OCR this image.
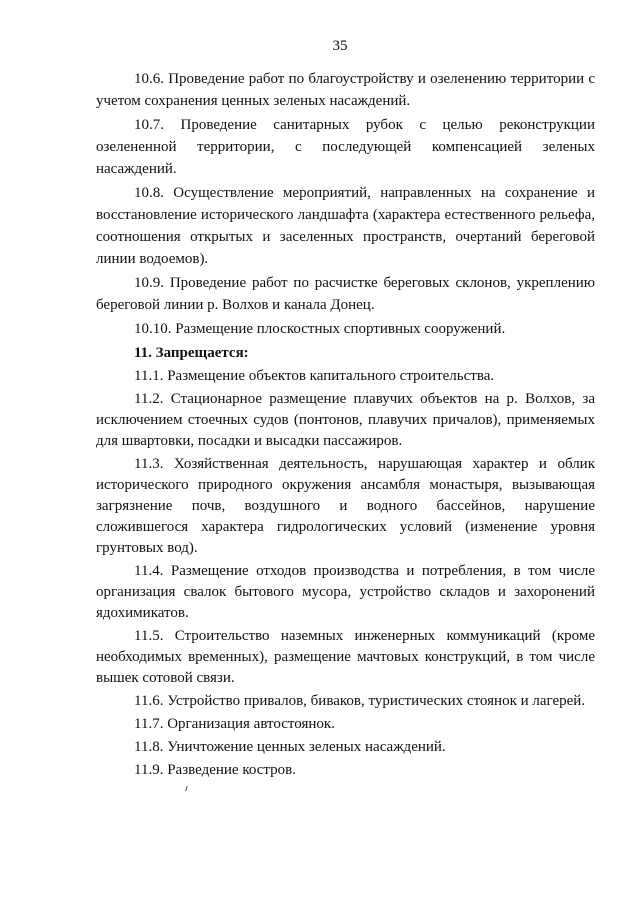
35

10.6. Проведение работ по благоустройству и озеленению территории с учетом сохранения ценных зеленых насаждений.

10.7. Проведение санитарных рубок с целью реконструкции озелененной территории, с последующей компенсацией зеленых насаждений.

10.8. Осуществление мероприятий, направленных на сохранение и восстановление исторического ландшафта (характера естественного рельефа, соотношения открытых и заселенных пространств, очертаний береговой линии водоемов).

10.9. Проведение работ по расчистке береговых склонов, укреплению береговой линии р. Волхов и канала Донец.

10.10. Размещение плоскостных спортивных сооружений.

11. Запрещается:

11.1. Размещение объектов капитального строительства.

11.2. Стационарное размещение плавучих объектов на р. Волхов, за исключением стоечных судов (понтонов, плавучих причалов), применяемых для швартовки, посадки и высадки пассажиров.

11.3. Хозяйственная деятельность, нарушающая характер и облик исторического природного окружения ансамбля монастыря, вызывающая загрязнение почв, воздушного и водного бассейнов, нарушение сложившегося характера гидрологических условий (изменение уровня грунтовых вод).

11.4. Размещение отходов производства и потребления, в том числе организация свалок бытового мусора, устройство складов и захоронений ядохимикатов.

11.5. Строительство наземных инженерных коммуникаций (кроме необходимых временных), размещение мачтовых конструкций, в том числе вышек сотовой связи.

11.6. Устройство привалов, биваков, туристических стоянок и лагерей.

11.7. Организация автостоянок.

11.8. Уничтожение ценных зеленых насаждений.

11.9. Разведение костров.
